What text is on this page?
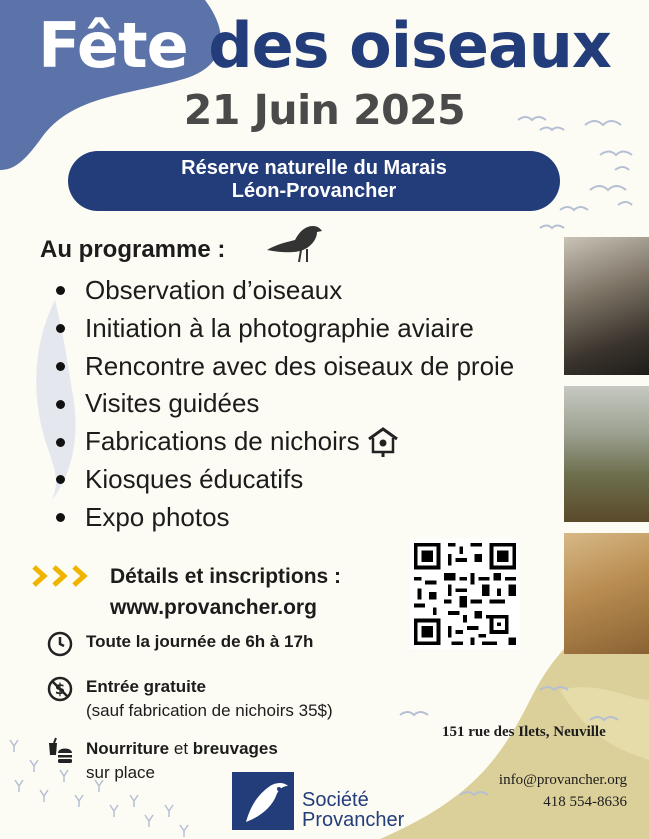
Fête des oiseaux
21 Juin 2025
Réserve naturelle du Marais
Léon-Provancher
Au programme :
Observation d’oiseaux
Initiation à la photographie aviaire
Rencontre avec des oiseaux de proie
Visites guidées
Fabrications de nichoirs
Kiosques éducatifs
Expo photos
Détails et inscriptions :
www.provancher.org
Toute la journée de 6h à 17h
$ Entrée gratuite
(sauf fabrication de nichoirs 35$)
Nourriture et breuvages
sur place
151 rue des Ilets, Neuville
info@provancher.org
418 554-8636
Société
Provancher
